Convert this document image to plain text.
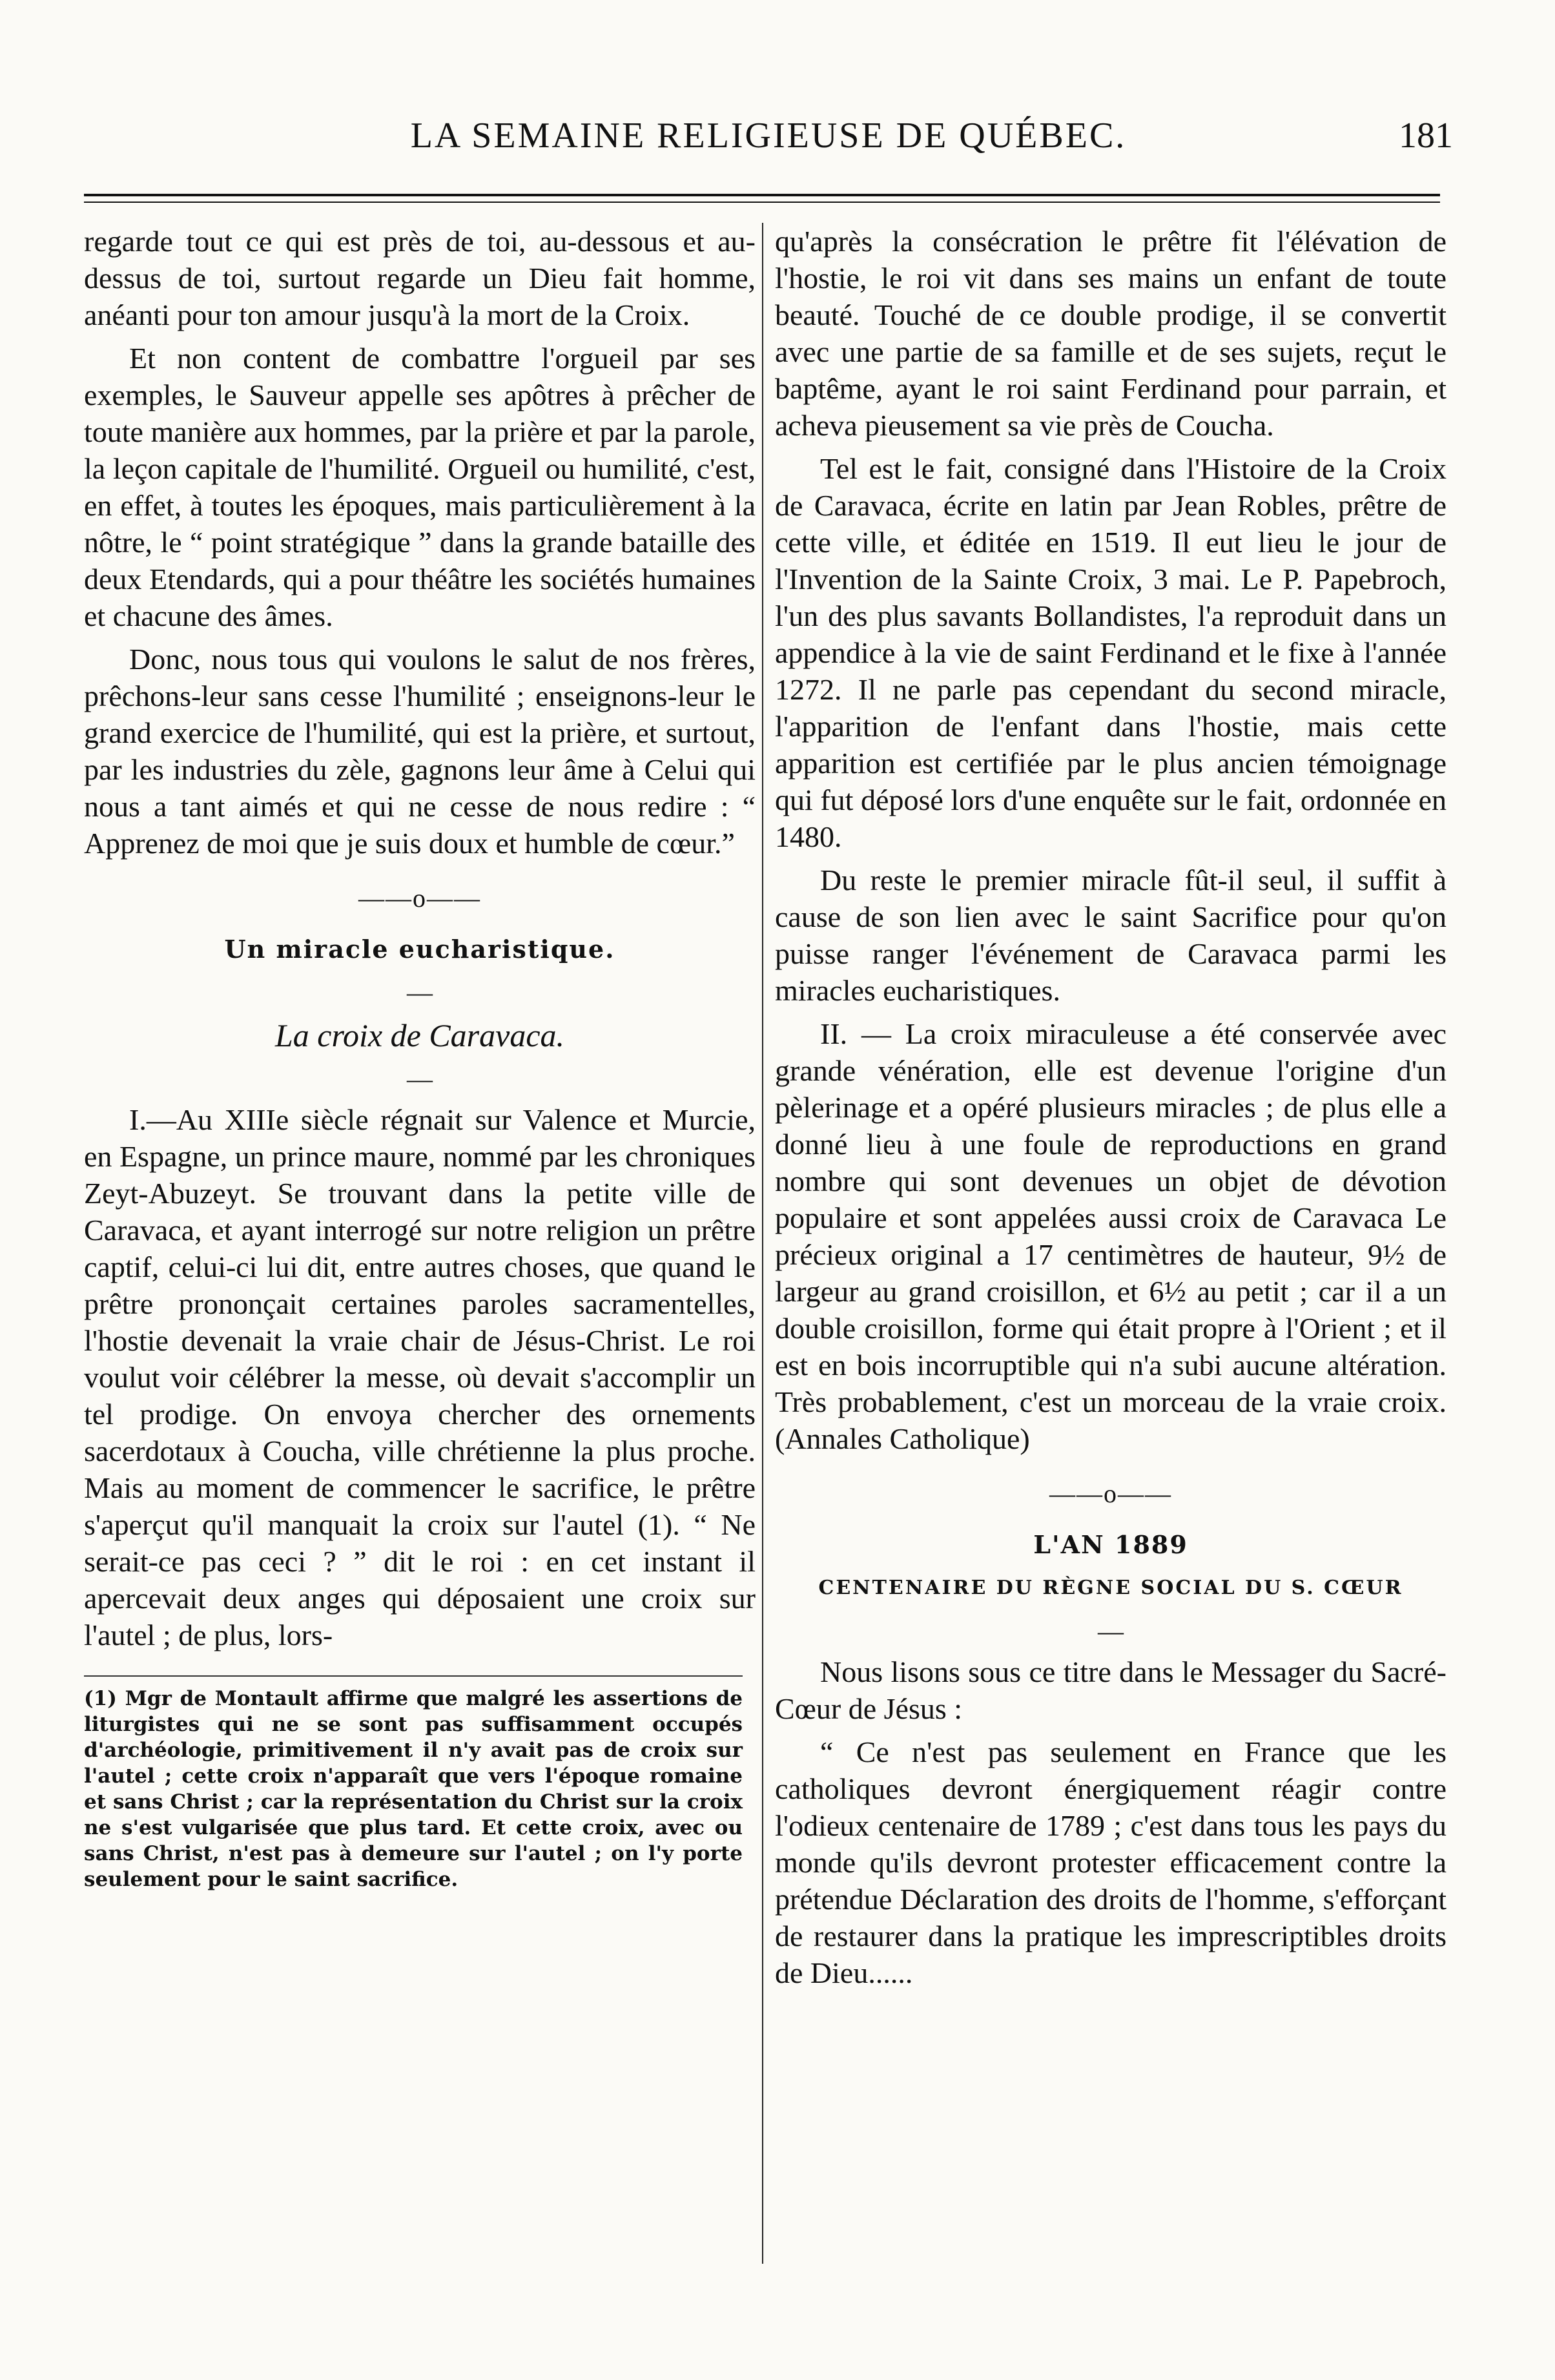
LA SEMAINE RELIGIEUSE DE QUÉBEC.	181

regarde tout ce qui est près de toi, au-dessous et au-dessus de toi, surtout regarde un Dieu fait homme, anéanti pour ton amour jusqu'à la mort de la Croix.

Et non content de combattre l'orgueil par ses exemples, le Sauveur appelle ses apôtres à prêcher de toute manière aux hommes, par la prière et par la parole, la leçon capitale de l'humilité. Orgueil ou humilité, c'est, en effet, à toutes les époques, mais particulièrement à la nôtre, le “ point stratégique ” dans la grande bataille des deux Etendards, qui a pour théâtre les sociétés humaines et chacune des âmes.

Donc, nous tous qui voulons le salut de nos frères, prêchons-leur sans cesse l'humilité ; enseignons-leur le grand exercice de l'humilité, qui est la prière, et surtout, par les industries du zèle, gagnons leur âme à Celui qui nous a tant aimés et qui ne cesse de nous redire : “ Apprenez de moi que je suis doux et humble de cœur.”

——o——
Un miracle eucharistique.
—
La croix de Caravaca.
—

I.—Au XIIIe siècle régnait sur Valence et Murcie, en Espagne, un prince maure, nommé par les chroniques Zeyt-Abuzeyt. Se trouvant dans la petite ville de Caravaca, et ayant interrogé sur notre religion un prêtre captif, celui-ci lui dit, entre autres choses, que quand le prêtre prononçait certaines paroles sacramentelles, l'hostie devenait la vraie chair de Jésus-Christ. Le roi voulut voir célébrer la messe, où devait s'accomplir un tel prodige. On envoya chercher des ornements sacerdotaux à Coucha, ville chrétienne la plus proche. Mais au moment de commencer le sacrifice, le prêtre s'aperçut qu'il manquait la croix sur l'autel (1). “ Ne serait-ce pas ceci ? ” dit le roi : en cet instant il apercevait deux anges qui déposaient une croix sur l'autel ; de plus, lors-

(1) Mgr de Montault affirme que malgré les assertions de liturgistes qui ne se sont pas suffisamment occupés d'archéologie, primitivement il n'y avait pas de croix sur l'autel ; cette croix n'apparaît que vers l'époque romaine et sans Christ ; car la représentation du Christ sur la croix ne s'est vulgarisée que plus tard. Et cette croix, avec ou sans Christ, n'est pas à demeure sur l'autel ; on l'y porte seulement pour le saint sacrifice.

qu'après la consécration le prêtre fit l'élévation de l'hostie, le roi vit dans ses mains un enfant de toute beauté. Touché de ce double prodige, il se convertit avec une partie de sa famille et de ses sujets, reçut le baptême, ayant le roi saint Ferdinand pour parrain, et acheva pieusement sa vie près de Coucha.

Tel est le fait, consigné dans l'Histoire de la Croix de Caravaca, écrite en latin par Jean Robles, prêtre de cette ville, et éditée en 1519. Il eut lieu le jour de l'Invention de la Sainte Croix, 3 mai. Le P. Papebroch, l'un des plus savants Bollandistes, l'a reproduit dans un appendice à la vie de saint Ferdinand et le fixe à l'année 1272. Il ne parle pas cependant du second miracle, l'apparition de l'enfant dans l'hostie, mais cette apparition est certifiée par le plus ancien témoignage qui fut déposé lors d'une enquête sur le fait, ordonnée en 1480.

Du reste le premier miracle fût-il seul, il suffit à cause de son lien avec le saint Sacrifice pour qu'on puisse ranger l'événement de Caravaca parmi les miracles eucharistiques.

II. — La croix miraculeuse a été conservée avec grande vénération, elle est devenue l'origine d'un pèlerinage et a opéré plusieurs miracles ; de plus elle a donné lieu à une foule de reproductions en grand nombre qui sont devenues un objet de dévotion populaire et sont appelées aussi croix de Caravaca Le précieux original a 17 centimètres de hauteur, 9½ de largeur au grand croisillon, et 6½ au petit ; car il a un double croisillon, forme qui était propre à l'Orient ; et il est en bois incorruptible qui n'a subi aucune altération. Très probablement, c'est un morceau de la vraie croix. (Annales Catholique)

——o——
L'AN 1889
CENTENAIRE DU RÈGNE SOCIAL DU S. CŒUR
—

Nous lisons sous ce titre dans le Messager du Sacré-Cœur de Jésus :

“ Ce n'est pas seulement en France que les catholiques devront énergiquement réagir contre l'odieux centenaire de 1789 ; c'est dans tous les pays du monde qu'ils devront protester efficacement contre la prétendue Déclaration des droits de l'homme, s'efforçant de restaurer dans la pratique les imprescriptibles droits de Dieu......
